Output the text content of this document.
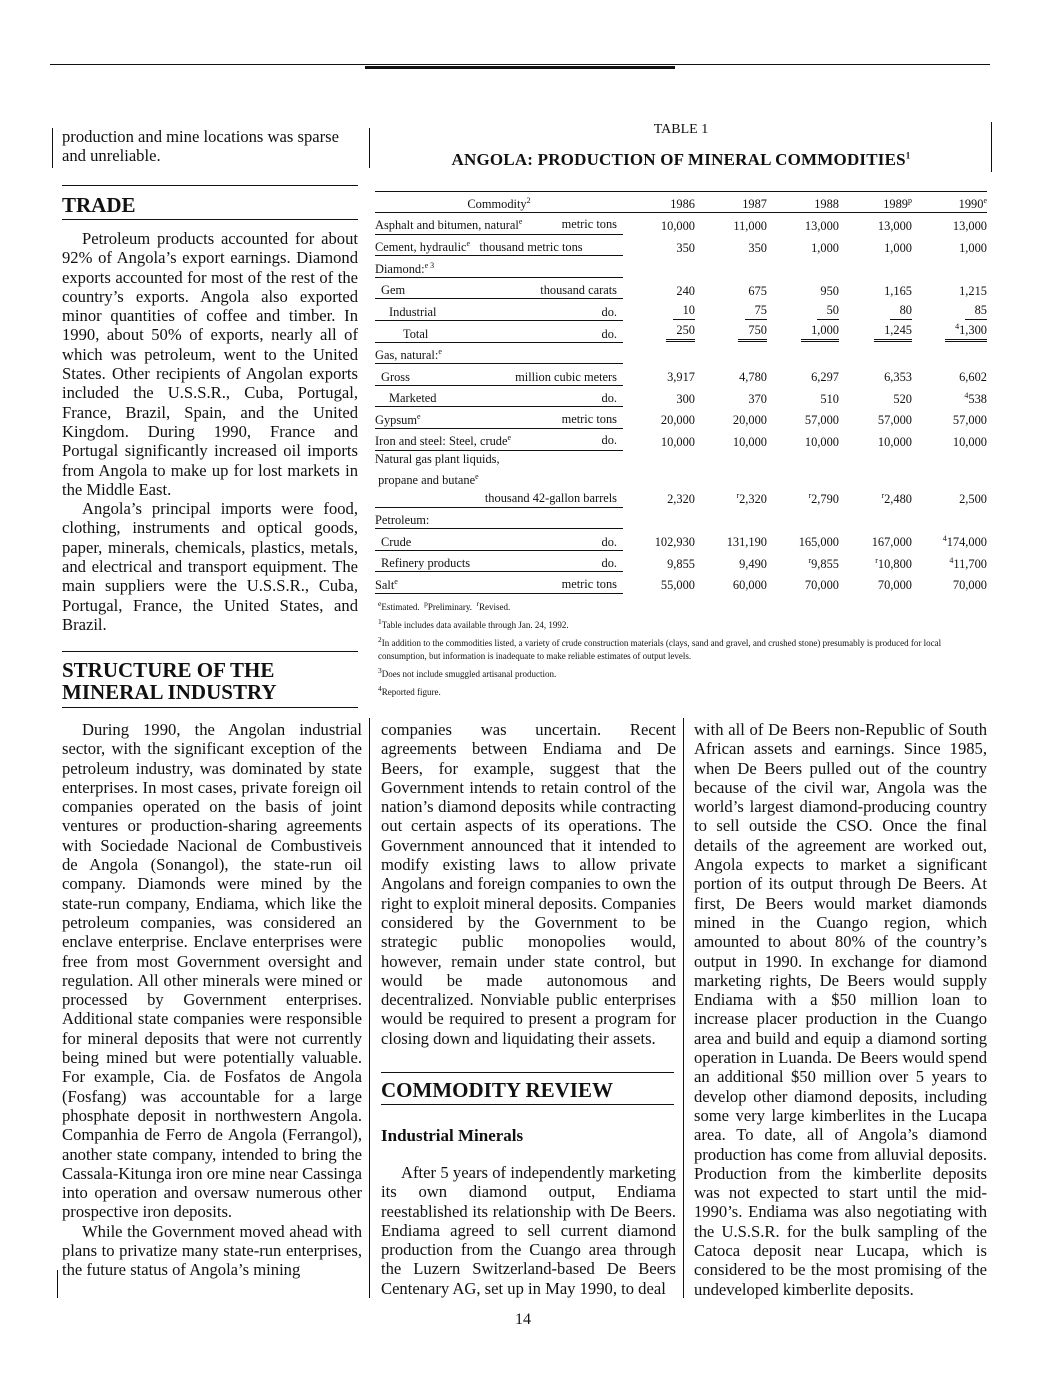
production and mine locations was sparse and unreliable.

TRADE

Petroleum products accounted for about 92% of Angola’s export earnings. Diamond exports accounted for most of the rest of the country’s exports. Angola also exported minor quantities of coffee and timber. In 1990, about 50% of exports, nearly all of which was petroleum, went to the United States. Other recipients of Angolan exports included the U.S.S.R., Cuba, Portugal, France, Brazil, Spain, and the United Kingdom. During 1990, France and Portugal significantly increased oil imports from Angola to make up for lost markets in the Middle East.

Angola’s principal imports were food, clothing, instruments and optical goods, paper, minerals, chemicals, plastics, metals, and electrical and transport equipment. The main suppliers were the U.S.S.R., Cuba, Portugal, France, the United States, and Brazil.

STRUCTURE OF THE
MINERAL INDUSTRY

During 1990, the Angolan industrial sector, with the significant exception of the petroleum industry, was dominated by state enterprises. In most cases, private foreign oil companies operated on the basis of joint ventures or production-sharing agreements with Sociedade Nacional de Combustiveis de Angola (Sonangol), the state-run oil company. Diamonds were mined by the state-run company, Endiama, which like the petroleum companies, was considered an enclave enterprise. Enclave enterprises were free from most Government oversight and regulation. All other minerals were mined or processed by Government enterprises. Additional state companies were responsible for mineral deposits that were not currently being mined but were potentially valuable. For example, Cia. de Fosfatos de Angola (Fosfang) was accountable for a large phosphate deposit in northwestern Angola. Companhia de Ferro de Angola (Ferrangol), another state company, intended to bring the Cassala-Kitunga iron ore mine near Cassinga into operation and oversaw numerous other prospective iron deposits.

While the Government moved ahead with plans to privatize many state-run enterprises, the future status of Angola’s mining

TABLE 1
ANGOLA: PRODUCTION OF MINERAL COMMODITIES$^1$
Commodity$^2$	1986	1987	1988	1989$^p$	1990e
Asphalt and bitumen, natural$^e$ metric tons	10,000	11,000	13,000	13,000	13,000
Cement, hydraulic$^e$ thousand metric tons	350	350	1,000	1,000	1,000
Diamond:$^{e 3}$	
Gem thousand carats	240	675	950	1,165	1,215
Industrial do.	10	75	50	80	85
Total do.	250	750	1,000	1,245	$^4$1,300
Gas, natural:$^e$	
Gross million cubic meters	3,917	4,780	6,297	6,353	6,602
Marketed do.	300	370	510	520	$^4$538
Gypsum$^e$ metric tons	20,000	20,000	57,000	57,000	57,000
Iron and steel: Steel, crude$^e$ do.	10,000	10,000	10,000	10,000	10,000
Natural gas plant liquids,
propane and butane$^e$

thousand 42-gallon barrels	2,320	$^r$2,320	$^r$2,790	$^r$2,480	2,500
Petroleum:					
Crude do.	102,930	131,190	165,000	167,000	$^4$174,000
Refinery products do.	9,855	9,490	$^r$9,855	$^r$10,800	$^4$11,700
Salt$^e$ metric tons	55,000	60,000	70,000	70,000	70,000

$^e$Estimated. $^p$Preliminary. $^r$Revised.

$^1$Table includes data available through Jan. 24, 1992.

$^2$In addition to the commodities listed, a variety of crude construction materials (clays, sand and gravel, and crushed stone) presumably is produced for local consumption, but information is inadequate to make reliable estimates of output levels.

$^3$Does not include smuggled artisanal production.

$^4$Reported figure.

companies was uncertain. Recent agreements between Endiama and De Beers, for example, suggest that the Government intends to retain control of the nation’s diamond deposits while contracting out certain aspects of its operations. The Government announced that it intended to modify existing laws to allow private Angolans and foreign companies to own the right to exploit mineral deposits. Companies considered by the Government to be strategic public monopolies would, however, remain under state control, but would be made autonomous and decentralized. Nonviable public enterprises would be required to present a program for closing down and liquidating their assets.

COMMODITY REVIEW
Industrial Minerals

After 5 years of independently marketing its own diamond output, Endiama reestablished its relationship with De Beers. Endiama agreed to sell current diamond production from the Cuango area through the Luzern Switzerland-based De Beers Centenary AG, set up in May 1990, to deal

with all of De Beers non-Republic of South African assets and earnings. Since 1985, when De Beers pulled out of the country because of the civil war, Angola was the world’s largest diamond-producing country to sell outside the CSO. Once the final details of the agreement are worked out, Angola expects to market a significant portion of its output through De Beers. At first, De Beers would market diamonds mined in the Cuango region, which amounted to about 80% of the country’s output in 1990. In exchange for diamond marketing rights, De Beers would supply Endiama with a $50 million loan to increase placer production in the Cuango area and build and equip a diamond sorting operation in Luanda. De Beers would spend an additional $50 million over 5 years to develop other diamond deposits, including some very large kimberlites in the Lucapa area. To date, all of Angola’s diamond production has come from alluvial deposits. Production from the kimberlite deposits was not expected to start until the mid-1990’s. Endiama was also negotiating with the U.S.S.R. for the bulk sampling of the Catoca deposit near Lucapa, which is considered to be the most promising of the undeveloped kimberlite deposits.

14
